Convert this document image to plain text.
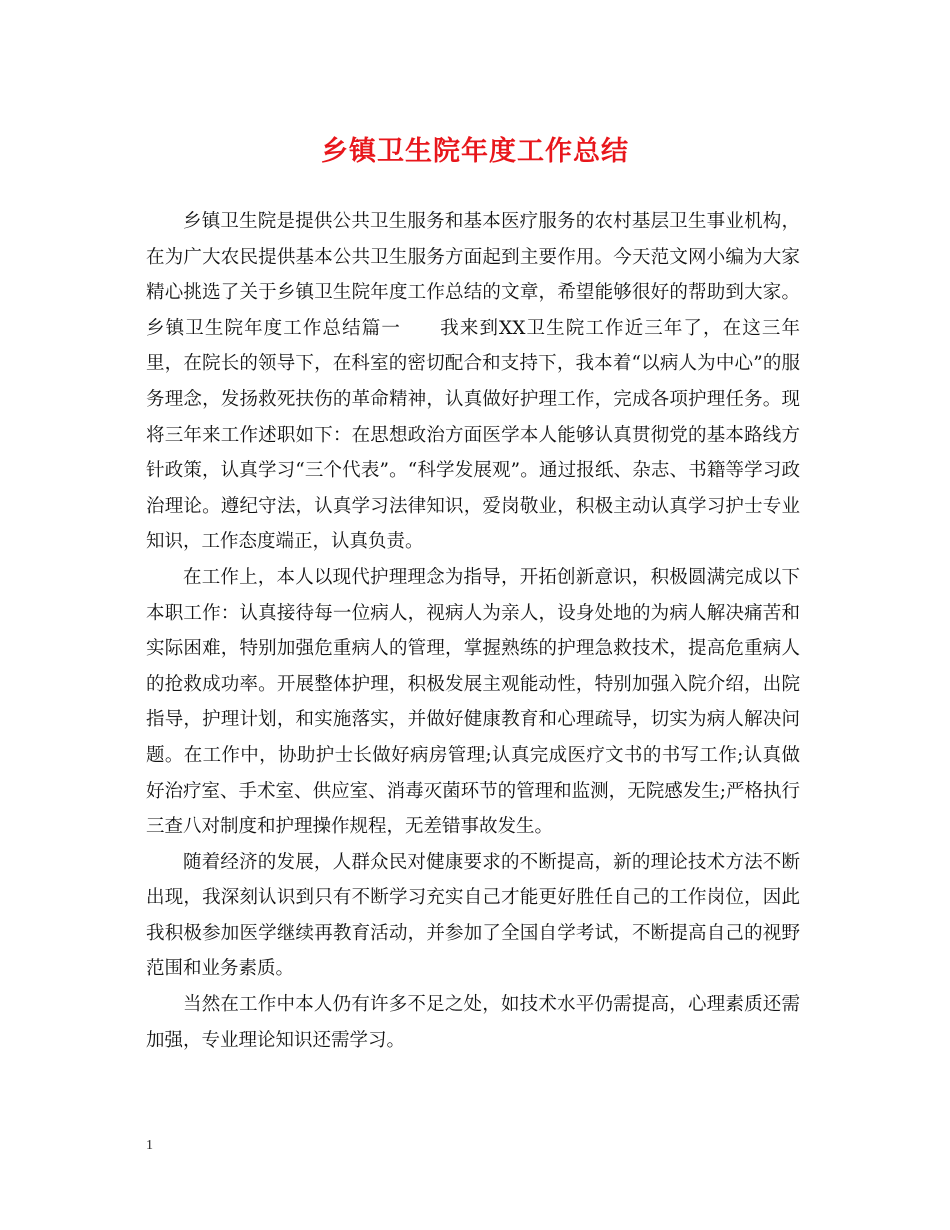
乡镇卫生院年度工作总结

乡镇卫生院是提供公共卫生服务和基本医疗服务的农村基层卫生事业机构，在为广大农民提供基本公共卫生服务方面起到主要作用。今天范文网小编为大家精心挑选了关于乡镇卫生院年度工作总结的文章，希望能够很好的帮助到大家。乡镇卫生院年度工作总结篇一　　我来到XX卫生院工作近三年了，在这三年里，在院长的领导下，在科室的密切配合和支持下，我本着“以病人为中心”的服务理念，发扬救死扶伤的革命精神，认真做好护理工作，完成各项护理任务。现将三年来工作述职如下：在思想政治方面医学本人能够认真贯彻党的基本路线方针政策，认真学习“三个代表”。“科学发展观”。通过报纸、杂志、书籍等学习政治理论。遵纪守法，认真学习法律知识，爱岗敬业，积极主动认真学习护士专业知识，工作态度端正，认真负责。

在工作上，本人以现代护理理念为指导，开拓创新意识，积极圆满完成以下本职工作：认真接待每一位病人，视病人为亲人，设身处地的为病人解决痛苦和实际困难，特别加强危重病人的管理，掌握熟练的护理急救技术，提高危重病人的抢救成功率。开展整体护理，积极发展主观能动性，特别加强入院介绍，出院指导，护理计划，和实施落实，并做好健康教育和心理疏导，切实为病人解决问题。在工作中，协助护士长做好病房管理;认真完成医疗文书的书写工作;认真做好治疗室、手术室、供应室、消毒灭菌环节的管理和监测，无院感发生;严格执行三查八对制度和护理操作规程，无差错事故发生。

随着经济的发展，人群众民对健康要求的不断提高，新的理论技术方法不断出现，我深刻认识到只有不断学习充实自己才能更好胜任自己的工作岗位，因此我积极参加医学继续再教育活动，并参加了全国自学考试，不断提高自己的视野范围和业务素质。

当然在工作中本人仍有许多不足之处，如技术水平仍需提高，心理素质还需加强，专业理论知识还需学习。

1
